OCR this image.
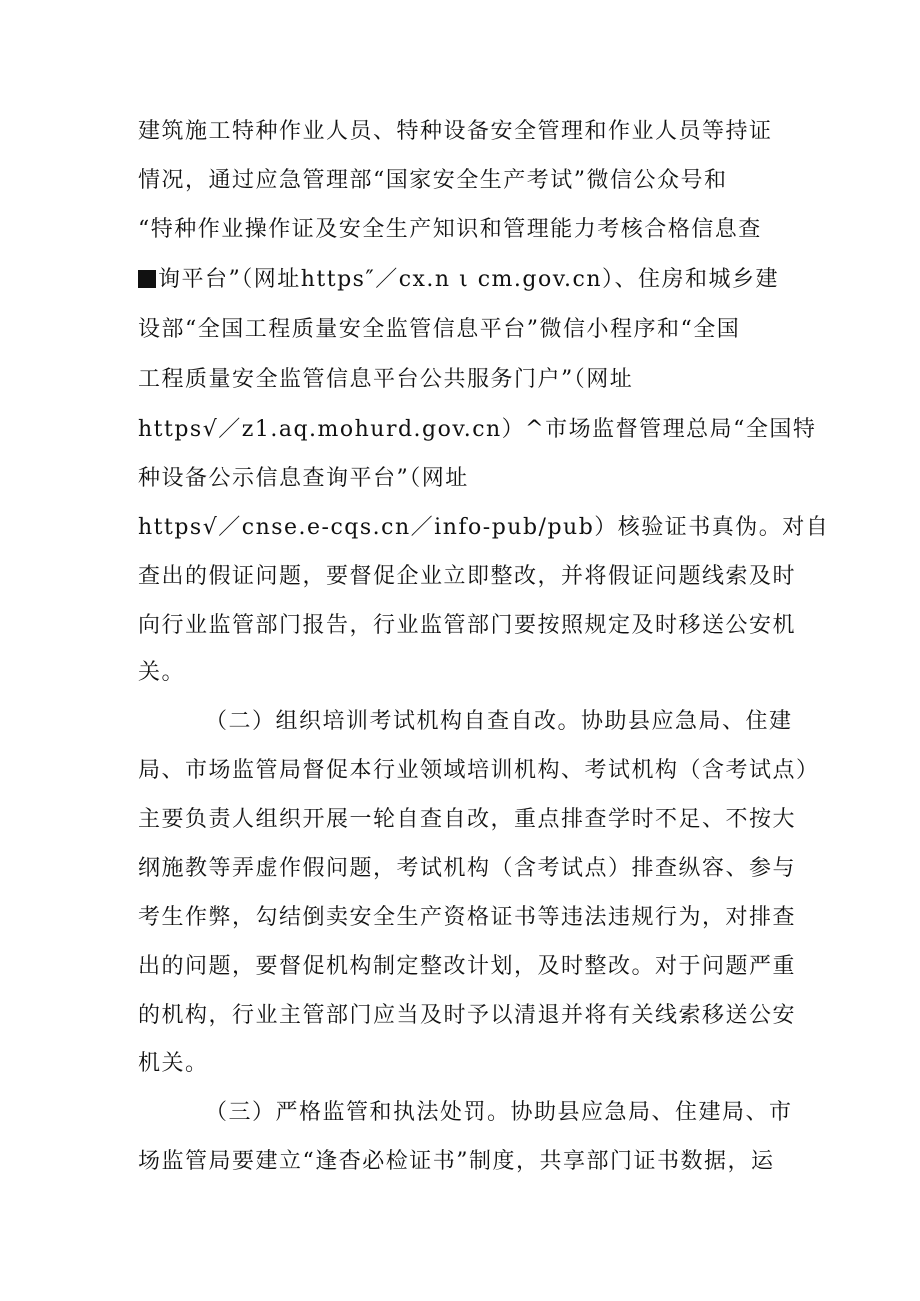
建筑施工特种作业人员、特种设备安全管理和作业人员等持证
情况，通过应急管理部“国家安全生产考试”微信公众号和
“特种作业操作证及安全生产知识和管理能力考核合格信息查
询平台”（网址https″／cx.n ι cm.gov.cn）、住房和城乡建
设部“全国工程质量安全监管信息平台”微信小程序和“全国
工程质量安全监管信息平台公共服务门户”（网址
https√／z1.aq.mohurd.gov.cn）^市场监督管理总局“全国特
种设备公示信息查询平台”（网址
https√／cnse.e-cqs.cn／info-pub/pub）核验证书真伪。对自
查出的假证问题，要督促企业立即整改，并将假证问题线索及时
向行业监管部门报告，行业监管部门要按照规定及时移送公安机
关。
（二）组织培训考试机构自查自改。协助县应急局、住建
局、市场监管局督促本行业领域培训机构、考试机构（含考试点）
主要负责人组织开展一轮自查自改，重点排查学时不足、不按大
纲施教等弄虚作假问题，考试机构（含考试点）排查纵容、参与
考生作弊，勾结倒卖安全生产资格证书等违法违规行为，对排查
出的问题，要督促机构制定整改计划，及时整改。对于问题严重
的机构，行业主管部门应当及时予以清退并将有关线索移送公安
机关。
（三）严格监管和执法处罚。协助县应急局、住建局、市
场监管局要建立“逢杳必检证书”制度，共享部门证书数据，运
